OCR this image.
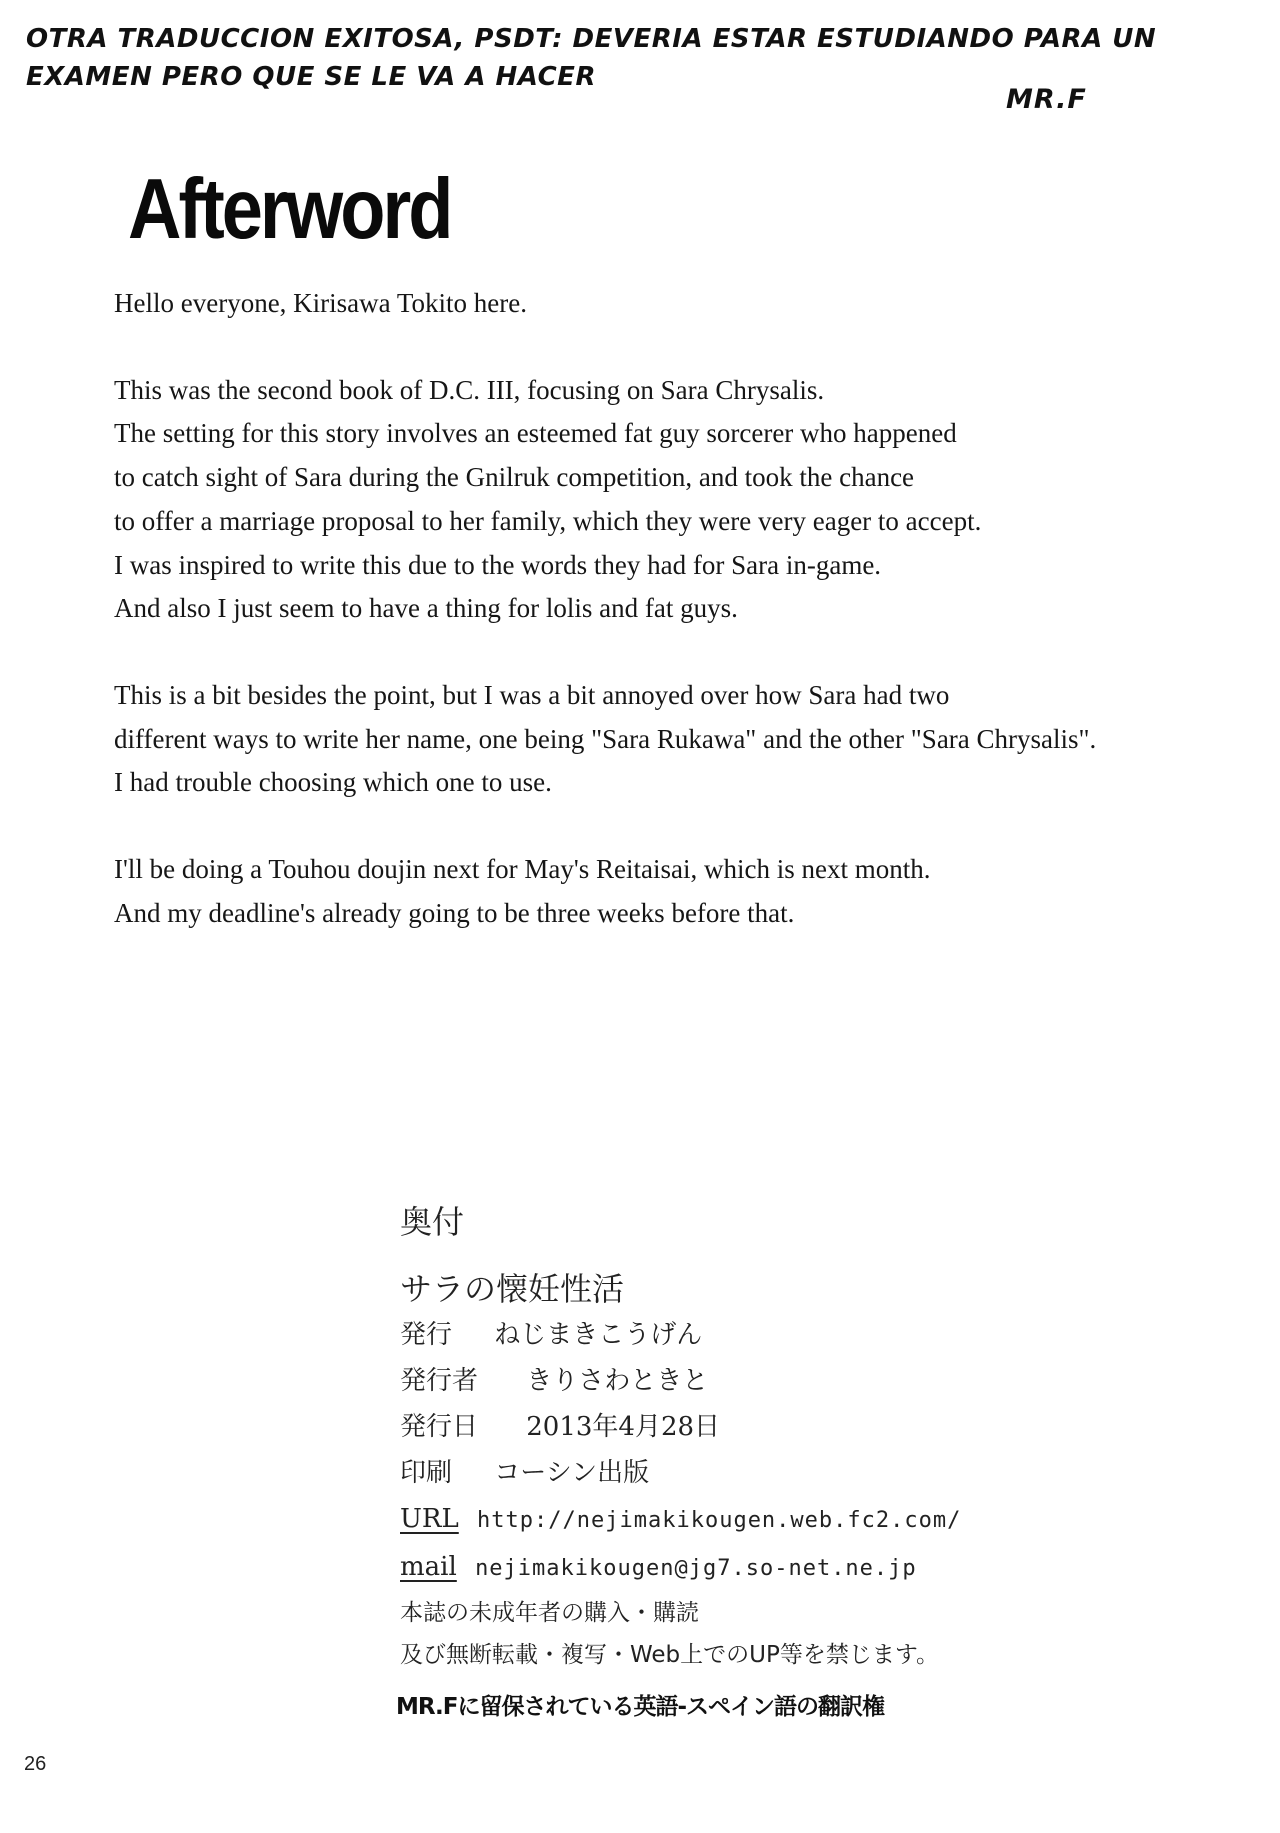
OTRA TRADUCCION EXITOSA, PSDT: DEVERIA ESTAR ESTUDIANDO PARA UN EXAMEN PERO QUE SE LE VA A HACER
MR.F
Afterword
Hello everyone, Kirisawa Tokito here.
This was the second book of D.C. III, focusing on Sara Chrysalis.
The setting for this story involves an esteemed fat guy sorcerer who happened
to catch sight of Sara during the Gnilruk competition, and took the chance
to offer a marriage proposal to her family, which they were very eager to accept.
I was inspired to write this due to the words they had for Sara in-game.
And also I just seem to have a thing for lolis and fat guys.
This is a bit besides the point, but I was a bit annoyed over how Sara had two
different ways to write her name, one being "Sara Rukawa" and the other "Sara Chrysalis".
I had trouble choosing which one to use.
I'll be doing a Touhou doujin next for May's Reitaisai, which is next month.
And my deadline's already going to be three weeks before that.
奥付
サラの懐妊性活
発行 ねじまきこうげん
発行者 きりさわときと
発行日 2013年4月28日
印刷 コーシン出版
URL http://nejimakikougen.web.fc2.com/
mail nejimakikougen@jg7.so-net.ne.jp
本誌の未成年者の購入・購読
及び無断転載・複写・Web上でのUP等を禁じます。
MR.Fに留保されている英語-スペイン語の翻訳権
26
